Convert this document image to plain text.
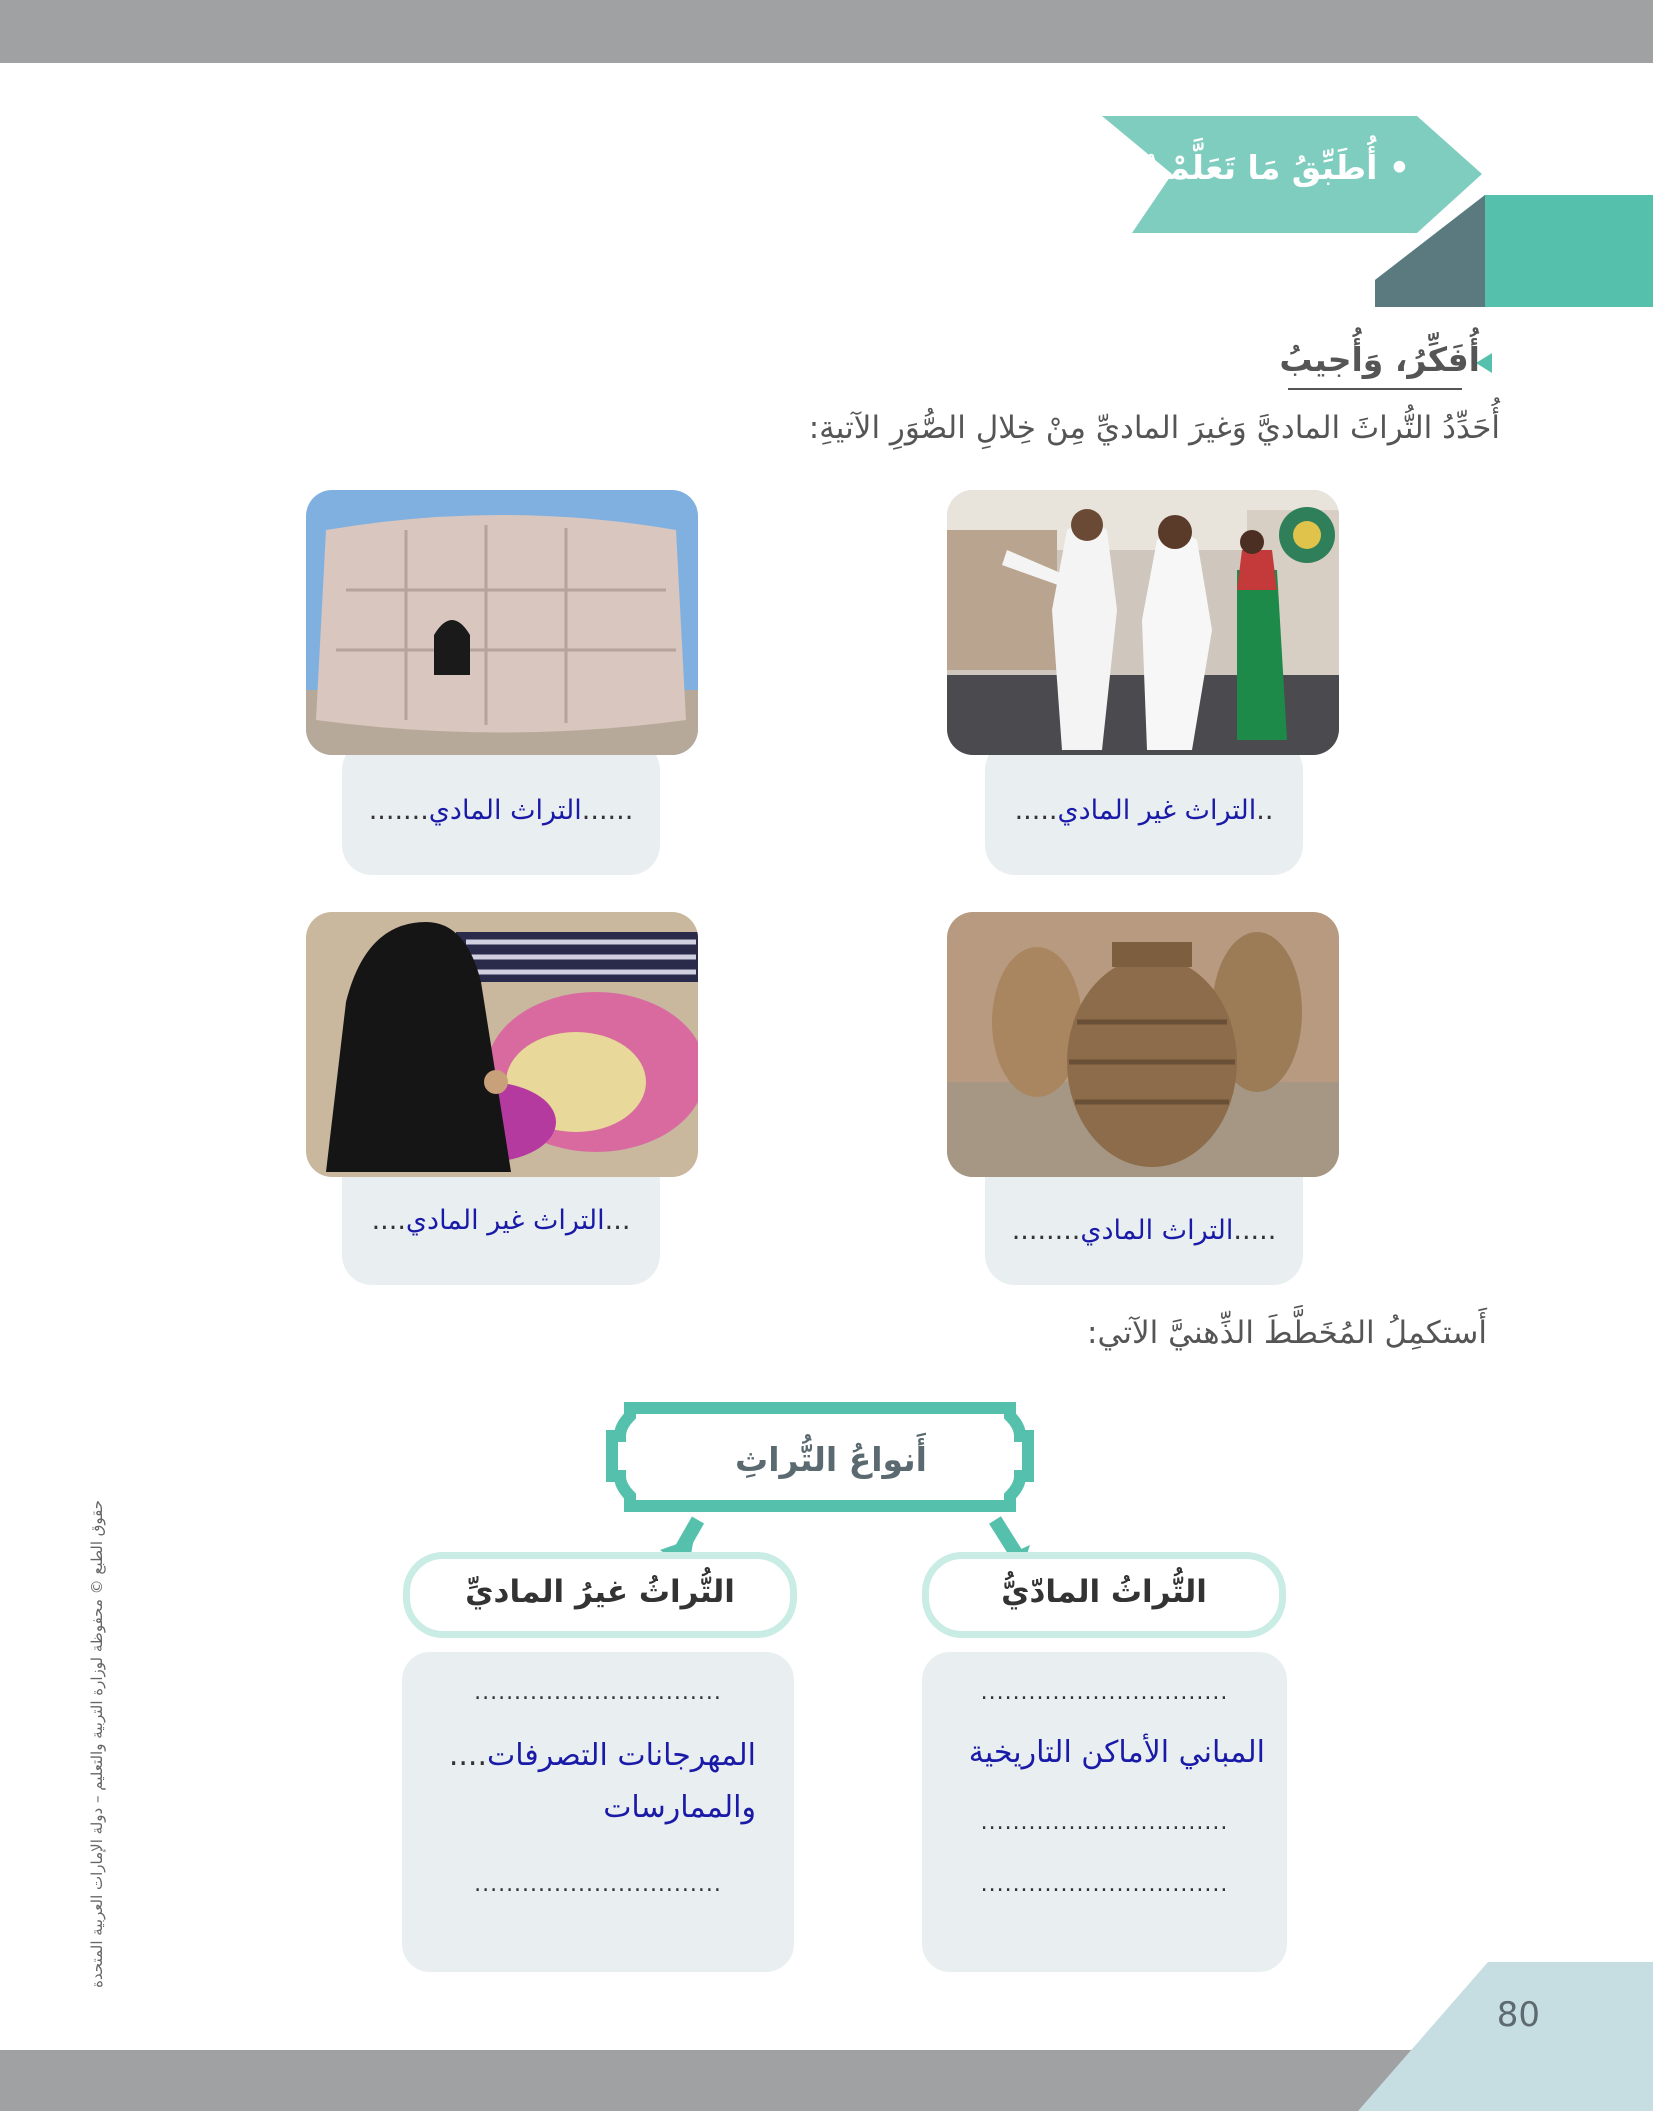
80
• أُطَبِّقُ مَا تَعَلَّمْتُ
أُفَكِّرُ، وَأُجيبُ
أُحَدِّدُ التُّراثَ الماديَّ وَغيرَ الماديِّ مِنْ خِلالِ الصُّوَرِ الآتيةِ:
..التراث غير المادي.....
......التراث المادي.......
.....التراث المادي........
...التراث غير المادي....
أَستكمِلُ المُخَطَّطَ الذِّهنيَّ الآتي:
أَنواعُ التُّراثِ
التُّراثُ المادّيُّ
...............................
المباني الأماكن التاريخية
...............................
...............................
التُّراثُ غيرُ الماديِّ
...............................
المهرجانات التصرفات....
والممارسات
...............................
حقوق الطبع © محفوظة لوزارة التربية والتعليم – دولة الإمارات العربية المتحدة
